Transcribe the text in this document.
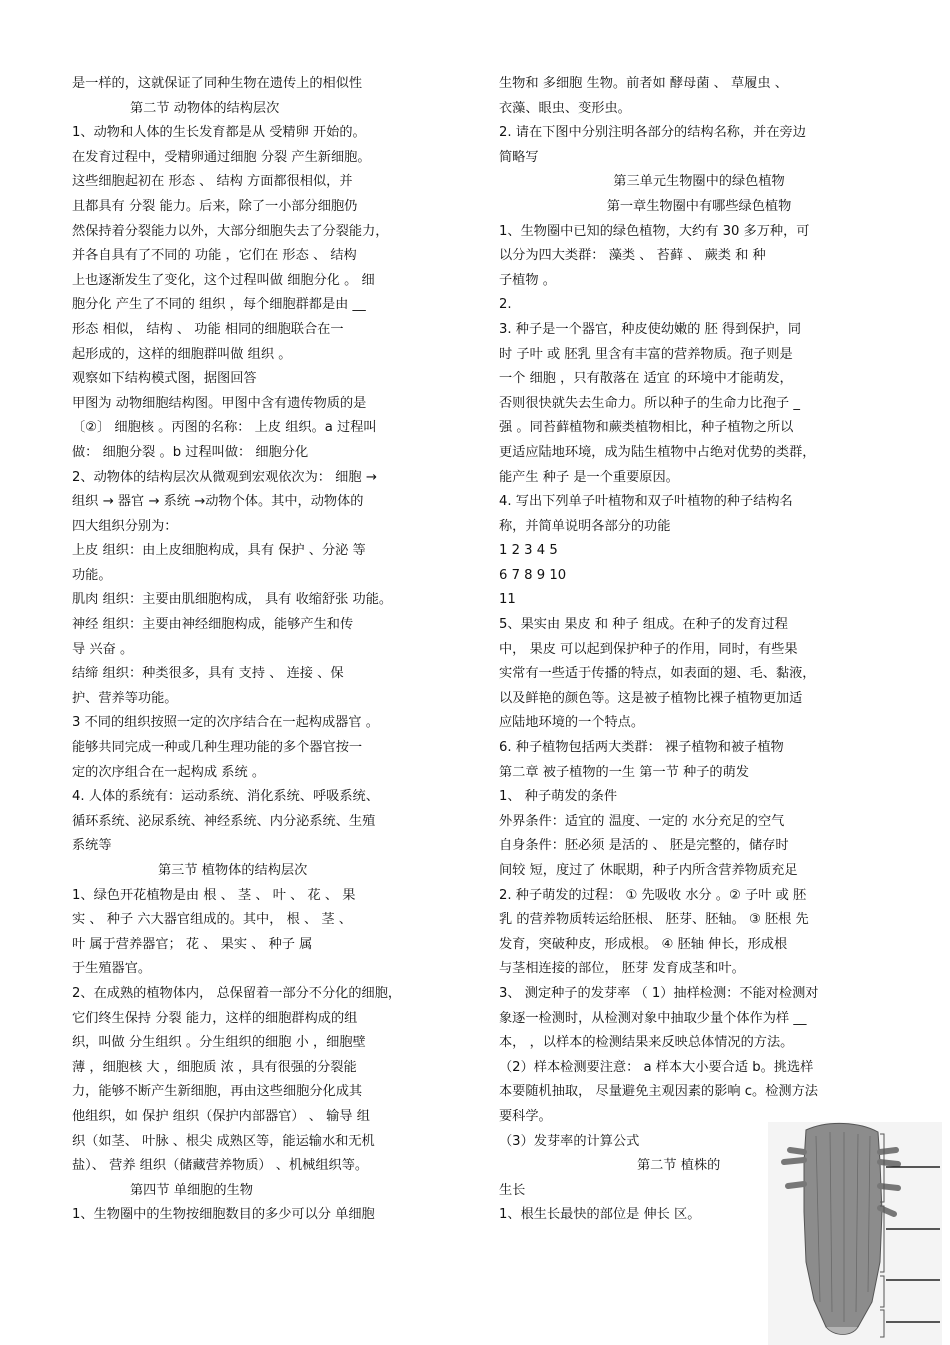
是一样的，这就保证了同种生物在遗传上的相似性
第二节 动物体的结构层次
1、动物和人体的生长发育都是从 受精卵 开始的。
在发育过程中，受精卵通过细胞 分裂 产生新细胞。
这些细胞起初在 形态 、 结构 方面都很相似，并
且都具有 分裂 能力。后来，除了一小部分细胞仍
然保持着分裂能力以外，大部分细胞失去了分裂能力，
并各自具有了不同的 功能 ，它们在 形态 、 结构
上也逐渐发生了变化，这个过程叫做 细胞分化 。 细
胞分化 产生了不同的 组织 ，每个细胞群都是由 __
形态 相似， 结构 、 功能 相同的细胞联合在一
起形成的，这样的细胞群叫做 组织 。
观察如下结构模式图，据图回答
甲图为 动物细胞结构图。甲图中含有遗传物质的是
〔②〕 细胞核 。丙图的名称： 上皮 组织。a 过程叫
做： 细胞分裂 。b 过程叫做： 细胞分化
2、动物体的结构层次从微观到宏观依次为： 细胞 →
组织 → 器官 → 系统 →动物个体。其中，动物体的
四大组织分别为：
上皮 组织：由上皮细胞构成，具有 保护 、分泌 等
功能。
肌肉 组织：主要由肌细胞构成， 具有 收缩舒张 功能。
神经 组织：主要由神经细胞构成，能够产生和传
导 兴奋 。
结缔 组织：种类很多，具有 支持 、 连接 、保
护、营养等功能。
3 不同的组织按照一定的次序结合在一起构成器官 。
能够共同完成一种或几种生理功能的多个器官按一
定的次序组合在一起构成 系统 。
4. 人体的系统有：运动系统、消化系统、呼吸系统、
循环系统、泌尿系统、神经系统、内分泌系统、生殖
系统等
第三节 植物体的结构层次
1、绿色开花植物是由 根 、 茎 、 叶 、 花 、 果
实 、 种子 六大器官组成的。其中， 根 、 茎 、
叶 属于营养器官； 花 、 果实 、 种子 属
于生殖器官。
2、在成熟的植物体内， 总保留着一部分不分化的细胞，
它们终生保持 分裂 能力，这样的细胞群构成的组
织，叫做 分生组织 。分生组织的细胞 小 ，细胞壁
薄 ，细胞核 大 ，细胞质 浓 ，具有很强的分裂能
力，能够不断产生新细胞，再由这些细胞分化成其
他组织，如 保护 组织（保护内部器官） 、 输导 组
织（如茎、 叶脉 、根尖 成熟区等，能运输水和无机
盐）、 营养 组织（储藏营养物质） 、机械组织等。
第四节 单细胞的生物
1、生物圈中的生物按细胞数目的多少可以分 单细胞
生物和 多细胞 生物。前者如 酵母菌 、 草履虫 、
衣藻、眼虫、变形虫。
2. 请在下图中分别注明各部分的结构名称，并在旁边
简略写
第三单元生物圈中的绿色植物
第一章生物圈中有哪些绿色植物
1、生物圈中已知的绿色植物，大约有 30 多万种，可
以分为四大类群： 藻类 、 苔藓 、 蕨类 和 种
子植物 。
2.
3. 种子是一个器官，种皮使幼嫩的 胚 得到保护，同
时 子叶 或 胚乳 里含有丰富的营养物质。孢子则是
一个 细胞 ，只有散落在 适宜 的环境中才能萌发，
否则很快就失去生命力。所以种子的生命力比孢子 _
强 。同苔藓植物和蕨类植物相比，种子植物之所以
更适应陆地环境，成为陆生植物中占绝对优势的类群，
能产生 种子 是一个重要原因。
4. 写出下列单子叶植物和双子叶植物的种子结构名
称，并简单说明各部分的功能
1 2 3 4 5
6 7 8 9 10
11
5、果实由 果皮 和 种子 组成。在种子的发育过程
中， 果皮 可以起到保护种子的作用，同时，有些果
实常有一些适于传播的特点，如表面的翅、毛、黏液，
以及鲜艳的颜色等。这是被子植物比裸子植物更加适
应陆地环境的一个特点。
6. 种子植物包括两大类群： 裸子植物和被子植物
第二章 被子植物的一生 第一节 种子的萌发
1、 种子萌发的条件
外界条件：适宜的 温度、一定的 水分充足的空气
自身条件：胚必须 是活的 、 胚是完整的，储存时
间较 短，度过了 休眠期，种子内所含营养物质充足
2. 种子萌发的过程： ① 先吸收 水分 。② 子叶 或 胚
乳 的营养物质转运给胚根、 胚芽、胚轴。 ③ 胚根 先
发育，突破种皮，形成根。 ④ 胚轴 伸长，形成根
与茎相连接的部位， 胚芽 发育成茎和叶。
3、 测定种子的发芽率 （ 1）抽样检测：不能对检测对
象逐一检测时，从检测对象中抽取少量个体作为样 __
本， ，以样本的检测结果来反映总体情况的方法。
（2）样本检测要注意： a 样本大小要合适 b。挑选样
本要随机抽取， 尽量避免主观因素的影响 c。检测方法
要科学。
（3）发芽率的计算公式
第二节 植株的
生长
1、根生长最快的部位是 伸长 区。
